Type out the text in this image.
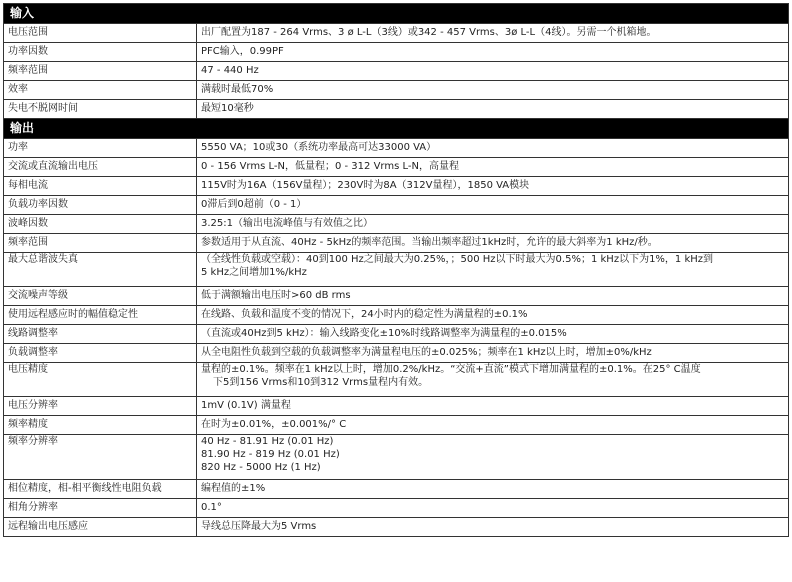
输入	
电压范围	出厂配置为187 - 264 Vrms、3 ø L-L（3线）或342 - 457 Vrms、3ø L-L（4线）。另需一个机箱地。
功率因数	PFC输入，0.99PF
频率范围	47 - 440 Hz
效率	满载时最低70%
失电不脱网时间	最短10毫秒
输出	
功率	5550 VA；10或30（系统功率最高可达33000 VA）
交流或直流输出电压	0 - 156 Vrms L-N，低量程；0 - 312 Vrms L-N，高量程
每相电流	115V时为16A（156V量程）；230V时为8A（312V量程），1850 VA模块
负载功率因数	0滞后到0超前（0 - 1）
波峰因数	3.25:1（输出电流峰值与有效值之比）
频率范围	参数适用于从直流、40Hz - 5kHz的频率范围。当输出频率超过1kHz时，允许的最大斜率为1 kHz/秒。
最大总谐波失真	（全线性负载或空载）：40到100 Hz之间最大为0.25%，；500 Hz以下时最大为0.5%；1 kHz以下为1%，1 kHz到
5 kHz之间增加1%/kHz

交流噪声等级	低于满额输出电压时>60 dB rms
使用远程感应时的幅值稳定性	在线路、负载和温度不变的情况下，24小时内的稳定性为满量程的±0.1%
线路调整率	（直流或40Hz到5 kHz）：输入线路变化±10%时线路调整率为满量程的±0.015%
负载调整率	从全电阻性负载到空载的负载调整率为满量程电压的±0.025%；频率在1 kHz以上时，增加±0%/kHz
电压精度	量程的±0.1%。频率在1 kHz以上时，增加0.2%/kHz。“交流+直流”模式下增加满量程的±0.1%。在25° C温度
下5到156 Vrms和10到312 Vrms量程内有效。

电压分辨率	1mV (0.1V) 满量程
频率精度	在时为±0.01%，±0.001%/° C
频率分辨率	40 Hz - 81.91 Hz (0.01 Hz)
81.90 Hz - 819 Hz (0.01 Hz)
820 Hz - 5000 Hz (1 Hz)

相位精度，相-相平衡线性电阻负载	编程值的±1%
相角分辨率	0.1°
远程输出电压感应	导线总压降最大为5 Vrms
